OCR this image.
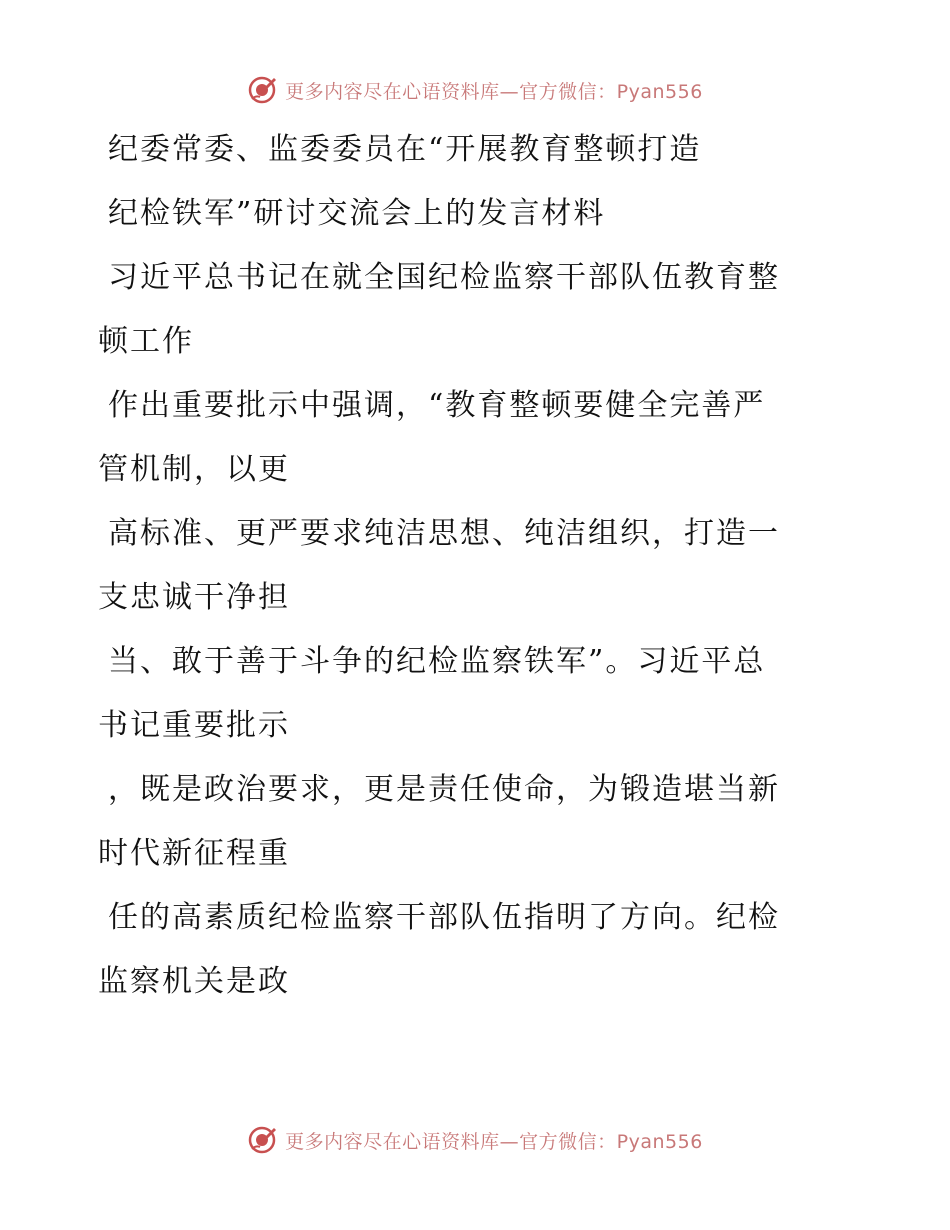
更多内容尽在心语资料库—官方微信：Pyan556

纪委常委、监委委员在“开展教育整顿打造
纪检铁军”研讨交流会上的发言材料

习近平总书记在就全国纪检监察干部队伍教育整
顿工作

作出重要批示中强调，“教育整顿要健全完善严
管机制，以更

高标准、更严要求纯洁思想、纯洁组织，打造一
支忠诚干净担

当、敢于善于斗争的纪检监察铁军”。习近平总
书记重要批示

，既是政治要求，更是责任使命，为锻造堪当新
时代新征程重

任的高素质纪检监察干部队伍指明了方向。纪检
监察机关是政

更多内容尽在心语资料库—官方微信：Pyan556
